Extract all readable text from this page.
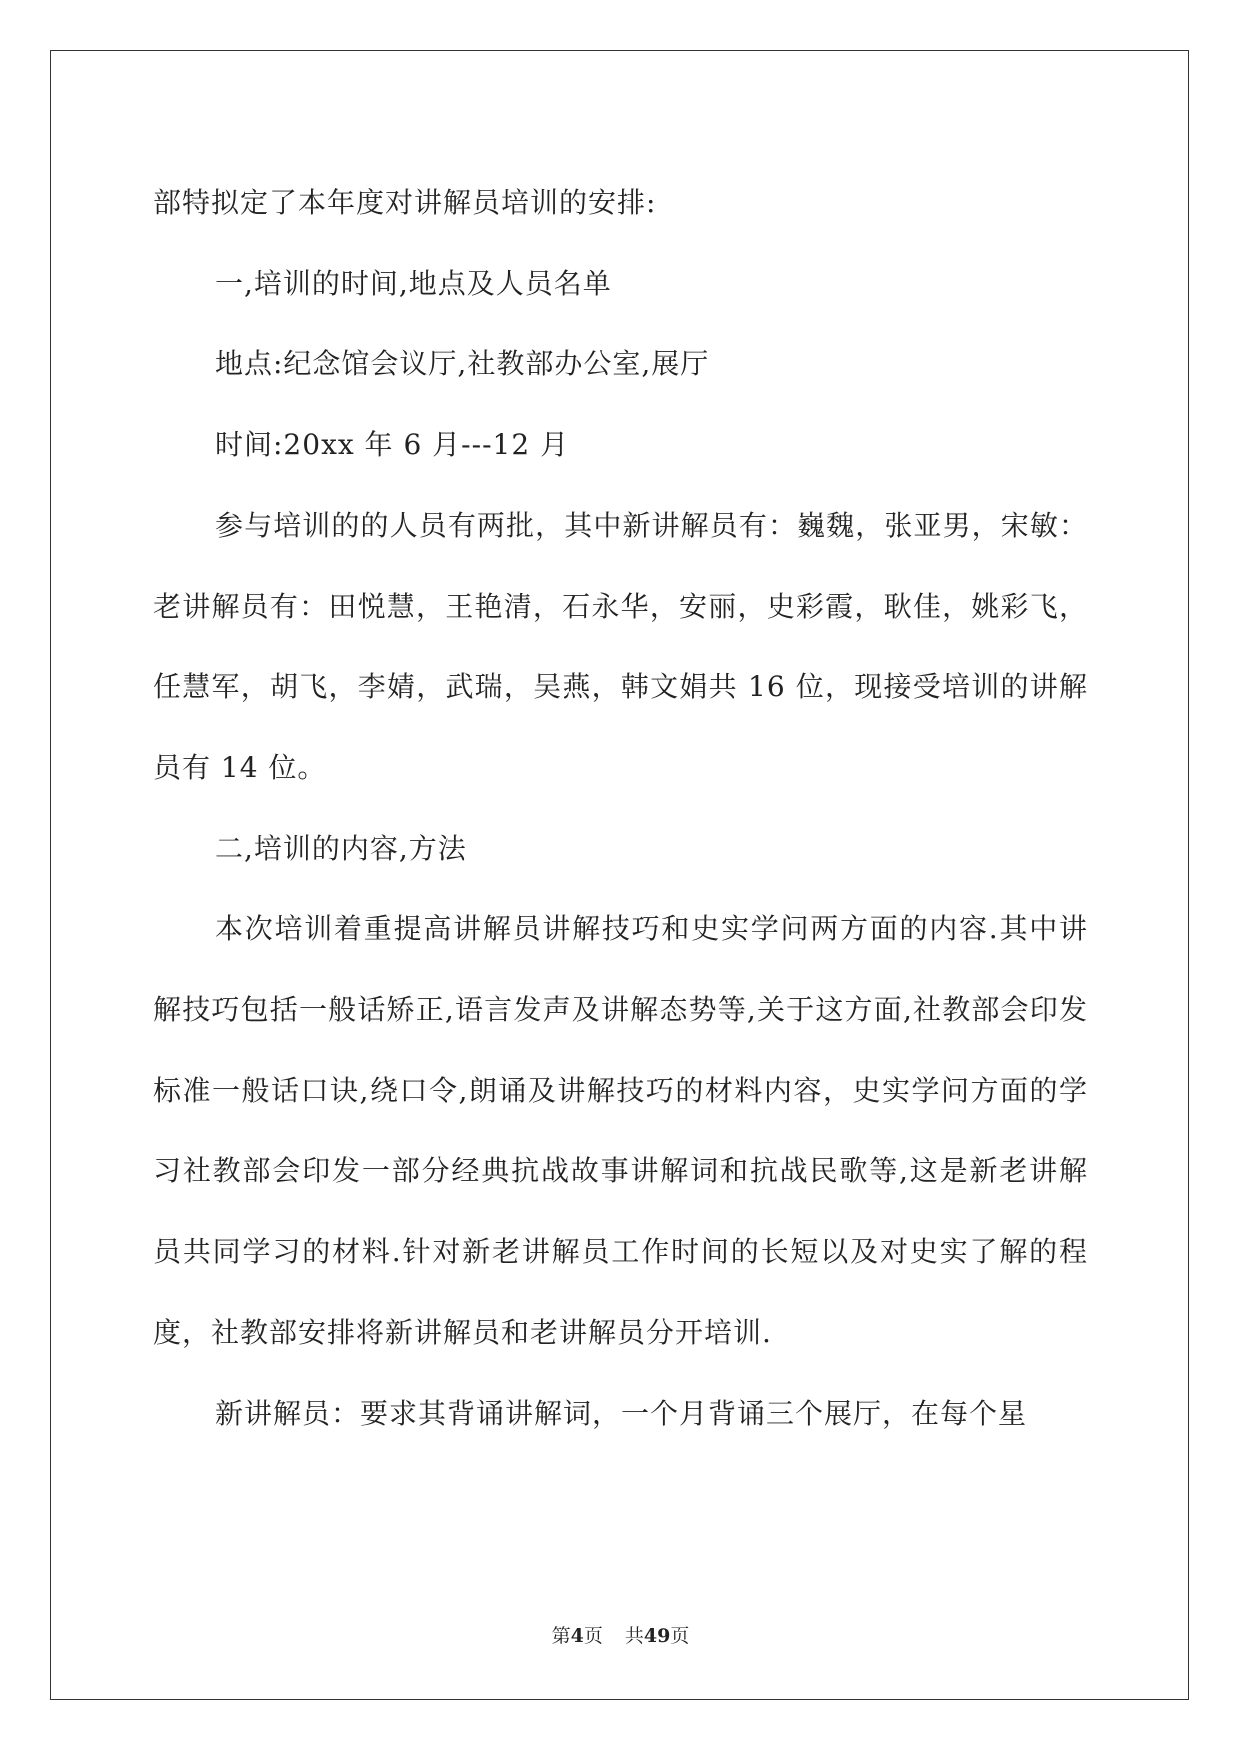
部特拟定了本年度对讲解员培训的安排:

一,培训的时间,地点及人员名单

地点:纪念馆会议厅,社教部办公室,展厅

时间:20xx 年 6 月---12 月

参与培训的的人员有两批，其中新讲解员有：巍魏，张亚男，宋敏：老讲解员有：田悦慧，王艳清，石永华，安丽，史彩霞，耿佳，姚彩飞，任慧军，胡飞，李婧，武瑞，吴燕，韩文娟共 16 位，现接受培训的讲解员有 14 位。

二,培训的内容,方法

本次培训着重提高讲解员讲解技巧和史实学问两方面的内容.其中讲解技巧包括一般话矫正,语言发声及讲解态势等,关于这方面,社教部会印发标准一般话口诀,绕口令,朗诵及讲解技巧的材料内容，史实学问方面的学习社教部会印发一部分经典抗战故事讲解词和抗战民歌等,这是新老讲解员共同学习的材料.针对新老讲解员工作时间的长短以及对史实了解的程度，社教部安排将新讲解员和老讲解员分开培训.

新讲解员：要求其背诵讲解词，一个月背诵三个展厅，在每个星

第4页 共49页
